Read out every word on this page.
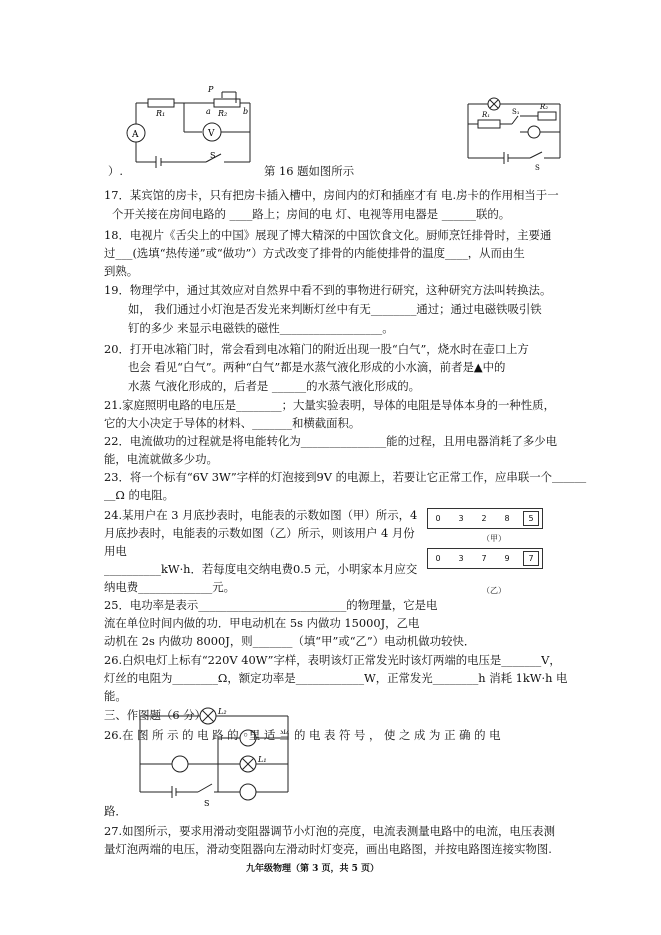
A	V
R₁	R₂
P
a	b
S
R₁
R₂
S₁
S
）.	第 16 题如图所示
17．某宾馆的房卡，只有把房卡插入槽中，房间内的灯和插座才有 电.房卡的作用相当于一
个开关接在房间电路的 ____路上；房间的电 灯、电视等用电器是 ______联的。
18．电视片《舌尖上的中国》展现了博大精深的中国饮食文化。厨师烹饪排骨时，主要通
过___(选填“热传递”或“做功”）方式改变了排骨的内能使排骨的温度____，从而由生
到熟。
19．物理学中，通过其效应对自然界中看不到的事物进行研究，这种研究方法叫转换法。
如， 我们通过小灯泡是否发光来判断灯丝中有无________通过；通过电磁铁吸引铁
钉的多少 来显示电磁铁的磁性__________________。
20．打开电冰箱门时，常会看到电冰箱门的附近出现一股“白气”，烧水时在壶口上方
也会 看见“白气”。两种“白气”都是水蒸气液化形成的小水滴，前者是▲中的
水蒸 气液化形成的，后者是 ______的水蒸气液化形成的。
21.家庭照明电路的电压是________；大量实验表明，导体的电阻是导体本身的一种性质，
它的大小决定于导体的材料、_______和横截面积。
22．电流做功的过程就是将电能转化为_______________能的过程，且用电器消耗了多少电
能，电流就做多少功。
23．将一个标有“6V 3W”字样的灯泡接到9V 的电源上，若要让它正常工作，应串联一个＿＿＿
＿Ω 的电阻。
24.某用户在 3 月底抄表时，电能表的示数如图（甲）所示，4
月底抄表时，电能表的示数如图（乙）所示，则该用户 4 月份
用电
__________kW·h．若每度电交纳电费0.5 元，小明家本月应交
纳电费_____________元。
0	3	2	8	5
（甲）
0	3	7	9	7
（乙）
25．电功率是表示__________________________的物理量，它是电
流在单位时间内做的功．甲电动机在 5s 内做功 15000J，乙电
动机在 2s 内做功 8000J，则_______（填“甲”或“乙”）电动机做功较快．
26.白炽电灯上标有“220V 40W”字样，表明该灯正常发光时该灯两端的电压是_______V，
灯丝的电阻为________Ω，额定功率是____________W，正常发光________h 消耗 1kW·h 电
能。
三、作图题（6 分）
26.在 图 所 示 的 电 路 的 ◦里 适 当 的 电 表 符 号 ， 使 之 成 为 正 确 的 电
L₂
L₁
S
路．
27.如图所示，要求用滑动变阻器调节小灯泡的亮度，电流表测量电路中的电流，电压表测
量灯泡两端的电压，滑动变阻器向左滑动时灯变亮，画出电路图，并按电路图连接实物图.
九年级物理（第 3 页，共 5 页）
